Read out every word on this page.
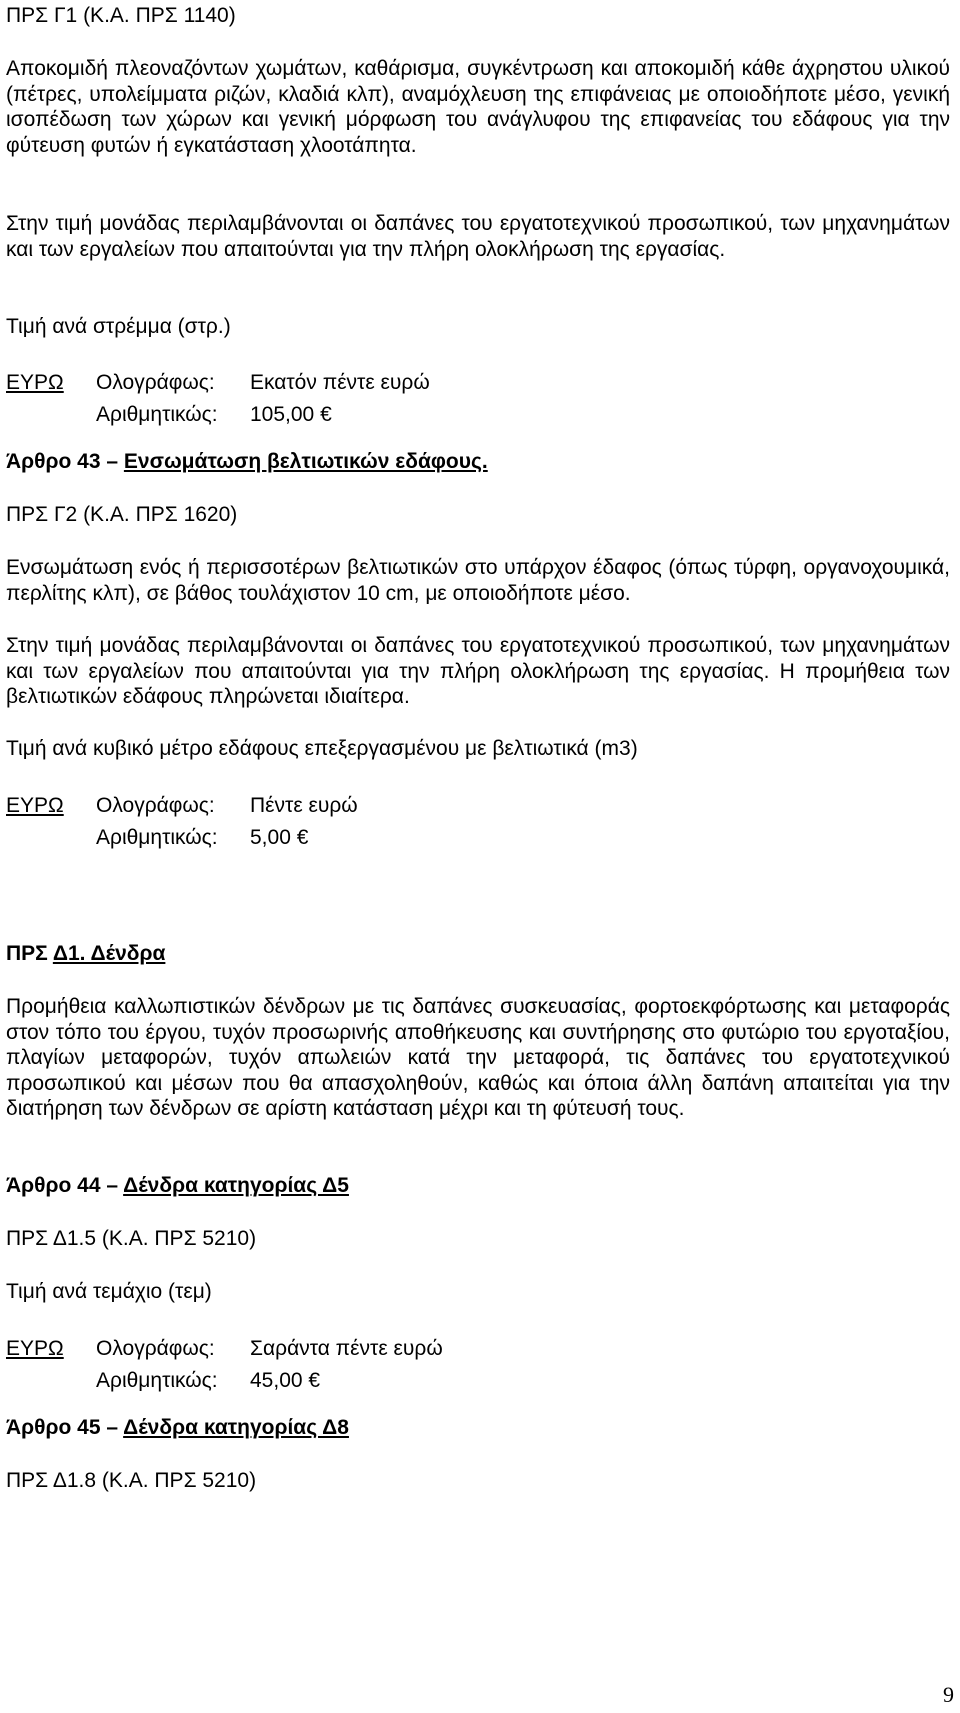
ΠΡΣ Γ1 (Κ.Α. ΠΡΣ 1140)

Αποκομιδή πλεοναζόντων χωμάτων, καθάρισμα, συγκέντρωση και αποκομιδή κάθε άχρηστου υλικού (πέτρες, υπολείμματα ριζών, κλαδιά κλπ), αναμόχλευση της επιφάνειας με οποιοδήποτε μέσο, γενική ισοπέδωση των χώρων και γενική μόρφωση του ανάγλυφου της επιφανείας του εδάφους για την φύτευση φυτών ή εγκατάσταση χλοοτάπητα.

Στην τιμή μονάδας περιλαμβάνονται οι δαπάνες του εργατοτεχνικού προσωπικού, των μηχανημάτων και των εργαλείων που απαιτούνται για την πλήρη ολοκλήρωση της εργασίας.

Τιμή ανά στρέμμα (στρ.)

ΕΥΡΩ Ολογράφως: Εκατόν πέντε ευρώ
Αριθμητικώς: 105,00 €

Άρθρο 43 – Ενσωμάτωση βελτιωτικών εδάφους.

ΠΡΣ Γ2 (Κ.Α. ΠΡΣ 1620)

Ενσωμάτωση ενός ή περισσοτέρων βελτιωτικών στο υπάρχον έδαφος (όπως τύρφη, οργανοχουμικά, περλίτης κλπ), σε βάθος τουλάχιστον 10 cm, με οποιοδήποτε μέσο.

Στην τιμή μονάδας περιλαμβάνονται οι δαπάνες του εργατοτεχνικού προσωπικού, των μηχανημάτων και των εργαλείων που απαιτούνται για την πλήρη ολοκλήρωση της εργασίας. Η προμήθεια των βελτιωτικών εδάφους πληρώνεται ιδιαίτερα.

Τιμή ανά κυβικό μέτρο εδάφους επεξεργασμένου με βελτιωτικά (m3)

ΕΥΡΩ Ολογράφως: Πέντε ευρώ
Αριθμητικώς: 5,00 €

ΠΡΣ Δ1. Δένδρα

Προμήθεια καλλωπιστικών δένδρων με τις δαπάνες συσκευασίας, φορτοεκφόρτωσης και μεταφοράς στον τόπο του έργου, τυχόν προσωρινής αποθήκευσης και συντήρησης στο φυτώριο του εργοταξίου, πλαγίων μεταφορών, τυχόν απωλειών κατά την μεταφορά, τις δαπάνες του εργατοτεχνικού προσωπικού και μέσων που θα απασχοληθούν, καθώς και όποια άλλη δαπάνη απαιτείται για την διατήρηση των δένδρων σε αρίστη κατάσταση μέχρι και τη φύτευσή τους.

Άρθρο 44 – Δένδρα κατηγορίας Δ5

ΠΡΣ Δ1.5 (Κ.Α. ΠΡΣ 5210)

Τιμή ανά τεμάχιο (τεμ)

ΕΥΡΩ Ολογράφως: Σαράντα πέντε ευρώ
Αριθμητικώς: 45,00 €

Άρθρο 45 – Δένδρα κατηγορίας Δ8

ΠΡΣ Δ1.8 (Κ.Α. ΠΡΣ 5210)

9
